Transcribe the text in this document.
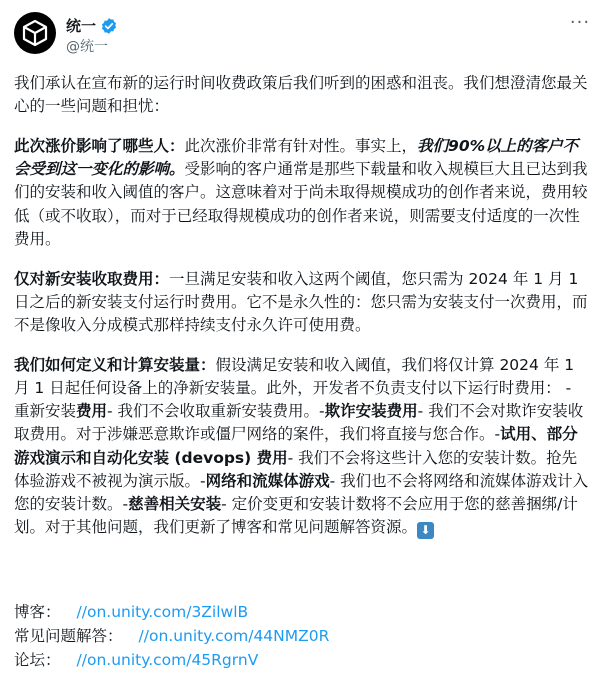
统一
@统一
···

我们承认在宣布新的运行时间收费政策后我们听到的困惑和沮丧。我们想澄清您最关心的一些问题和担忧：

此次涨价影响了哪些人：此次涨价非常有针对性。事实上，我们90%以上的客户不会受到这一变化的影响。受影响的客户通常是那些下载量和收入规模巨大且已达到我们的安装和收入阈值的客户。这意味着对于尚未取得规模成功的创作者来说，费用较低（或不收取），而对于已经取得规模成功的创作者来说，则需要支付适度的一次性费用。

仅对新安装收取费用：一旦满足安装和收入这两个阈值，您只需为 2024 年 1 月 1 日之后的新安装支付运行时费用。它不是永久性的：您只需为安装支付一次费用，而不是像收入分成模式那样持续支付永久许可使用费。

我们如何定义和计算安装量：假设满足安装和收入阈值，我们将仅计算 2024 年 1 月 1 日起任何设备上的净新安装量。此外，开发者不负责支付以下运行时费用： - 重新安装费用- 我们不会收取重新安装费用。-欺诈安装费用- 我们不会对欺诈安装收取费用。对于涉嫌恶意欺诈或僵尸网络的案件，我们将直接与您合作。-试用、部分游戏演示和自动化安装 (devops) 费用- 我们不会将这些计入您的安装计数。抢先体验游戏不被视为演示版。-网络和流媒体游戏- 我们也不会将网络和流媒体游戏计入您的安装计数。-慈善相关安装- 定价变更和安装计数将不会应用于您的慈善捆绑/计划。对于其他问题，我们更新了博客和常见问题解答资源。 ⬇

博客： //on.unity.com/3ZilwlB
常见问题解答： //on.unity.com/44NMZ0R
论坛： //on.unity.com/45RgrnV
